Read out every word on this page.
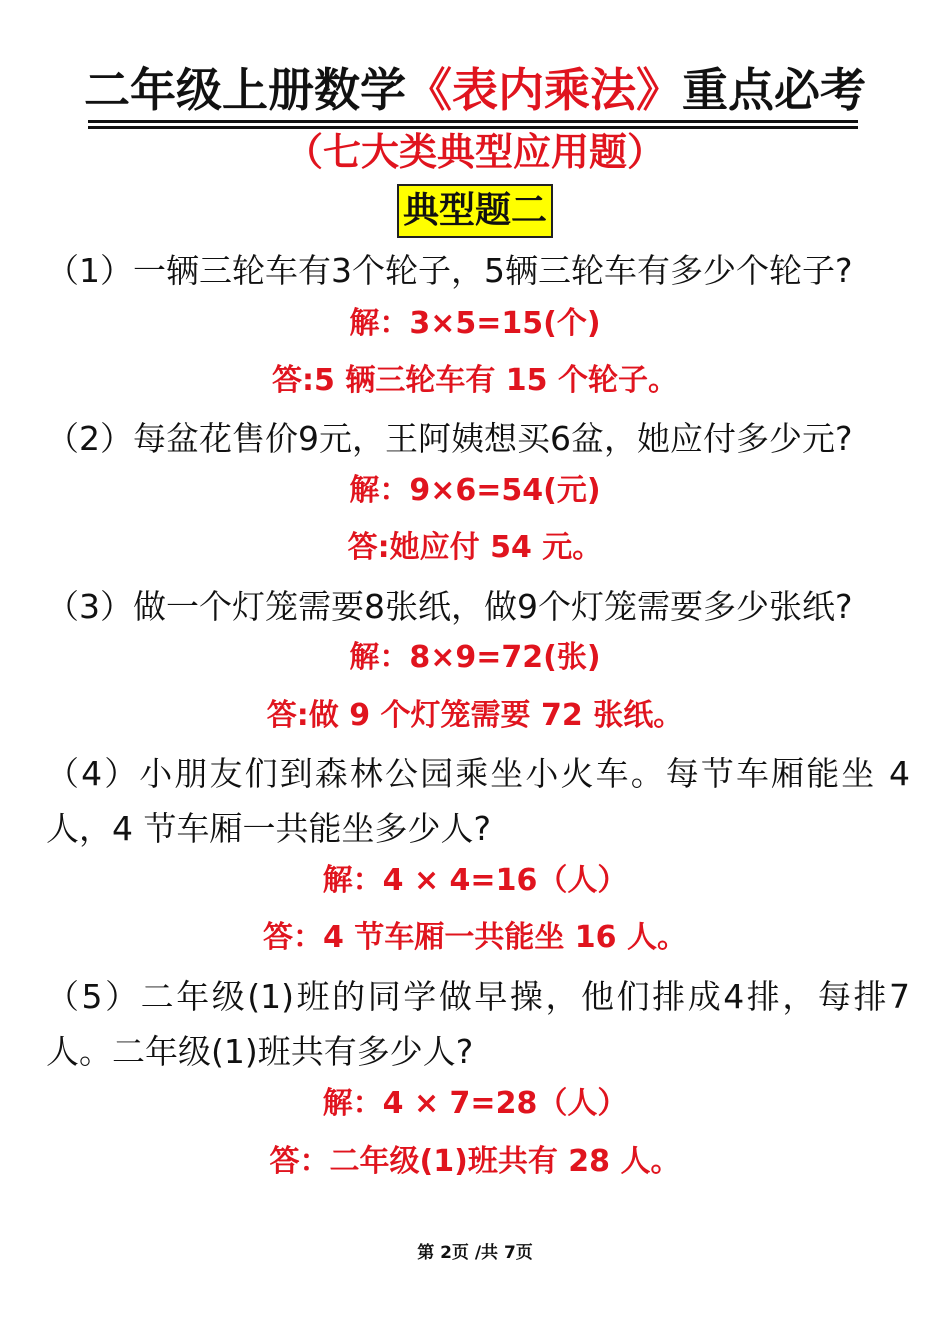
二年级上册数学《表内乘法》重点必考
（七大类典型应用题）
典型题二
（1）一辆三轮车有3个轮子，5辆三轮车有多少个轮子?
解：3×5=15(个)
答:5 辆三轮车有 15 个轮子。
（2）每盆花售价9元，王阿姨想买6盆，她应付多少元?
解：9×6=54(元)
答:她应付 54 元。
（3）做一个灯笼需要8张纸，做9个灯笼需要多少张纸?
解：8×9=72(张)
答:做 9 个灯笼需要 72 张纸。
（4）小朋友们到森林公园乘坐小火车。每节车厢能坐 4 人，4 节车厢一共能坐多少人?
解：4 × 4=16（人）
答：4 节车厢一共能坐 16 人。
（5）二年级(1)班的同学做早操，他们排成4排，每排7人。二年级(1)班共有多少人?
解：4 × 7=28（人）
答：二年级(1)班共有 28 人。
第 2页 /共 7页
